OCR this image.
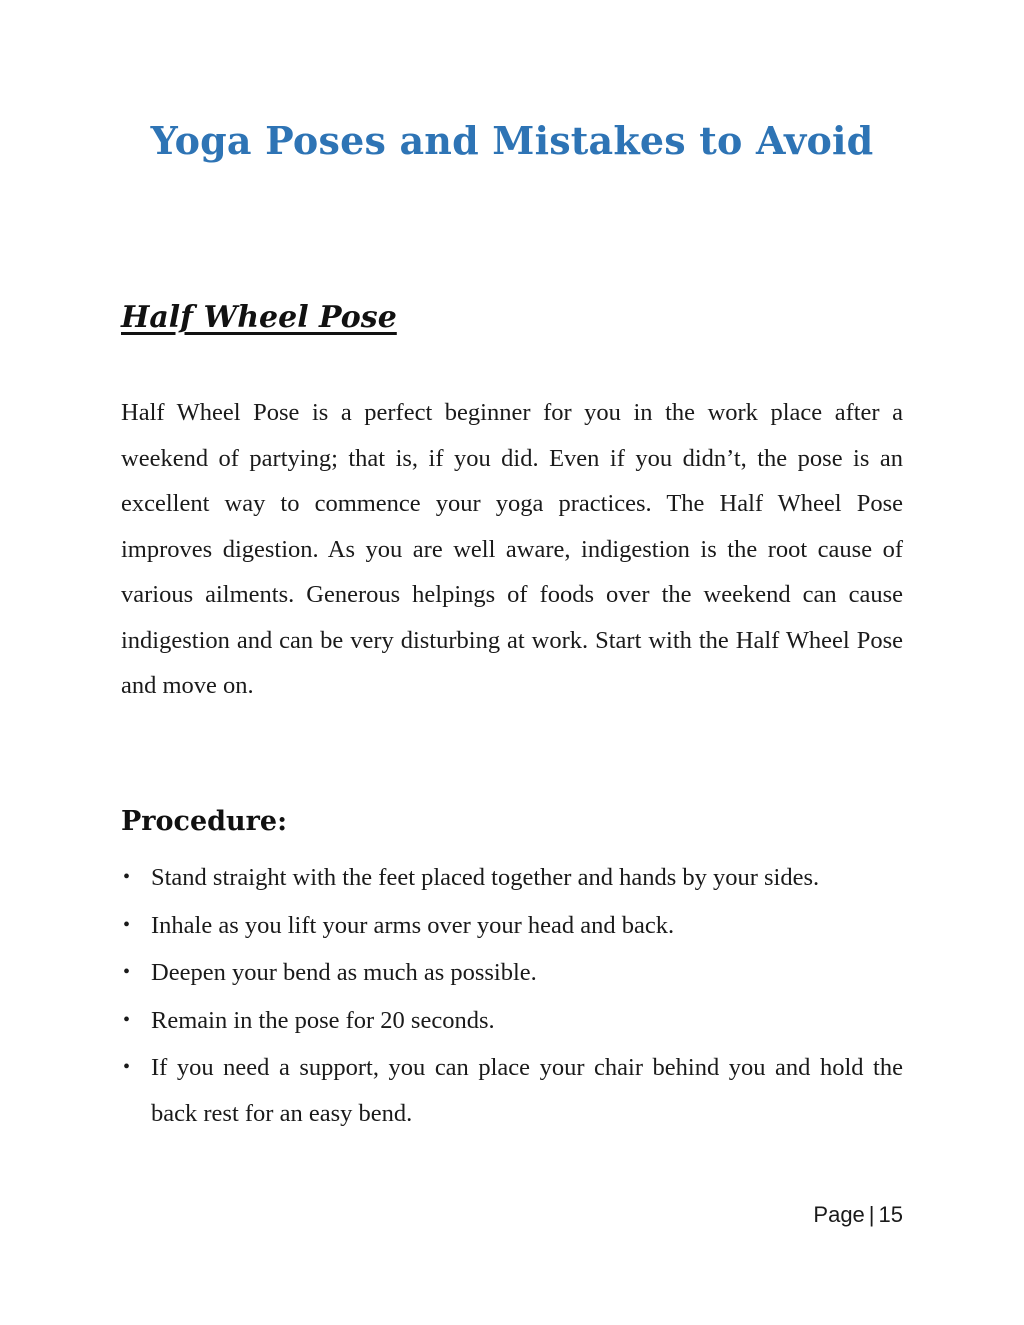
Yoga Poses and Mistakes to Avoid
Half Wheel Pose

Half Wheel Pose is a perfect beginner for you in the work place after a weekend of partying; that is, if you did. Even if you didn’t, the pose is an excellent way to commence your yoga practices. The Half Wheel Pose improves digestion. As you are well aware, indigestion is the root cause of various ailments. Generous helpings of foods over the weekend can cause indigestion and can be very disturbing at work. Start with the Half Wheel Pose and move on.

Procedure:
• Stand straight with the feet placed together and hands by your sides.
• Inhale as you lift your arms over your head and back.
• Deepen your bend as much as possible.
• Remain in the pose for 20 seconds.
• If you need a support, you can place your chair behind you and hold the back rest for an easy bend.
Page | 15
